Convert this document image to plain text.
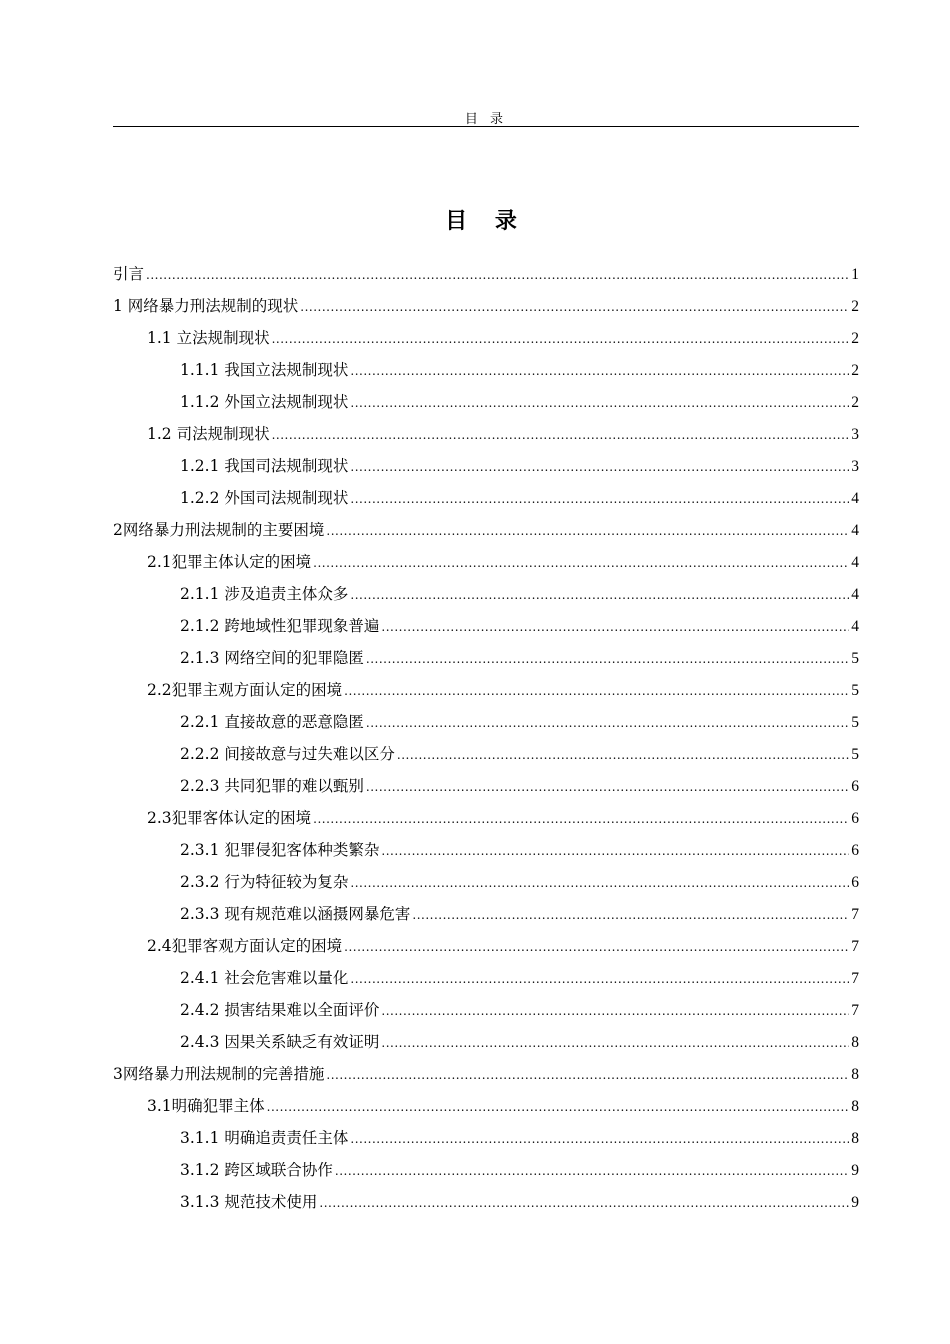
目 录
目 录
引言 .....	1
1 网络暴力刑法规制的现状 .....	2
1.1 立法规制现状 .....	2
1.1.1 我国立法规制现状 .....	2
1.1.2 外国立法规制现状 .....	2
1.2 司法规制现状 .....	3
1.2.1 我国司法规制现状 .....	3
1.2.2 外国司法规制现状 .....	4
2网络暴力刑法规制的主要困境 .....	4
2.1犯罪主体认定的困境 .....	4
2.1.1 涉及追责主体众多 .....	4
2.1.2 跨地域性犯罪现象普遍 .....	4
2.1.3 网络空间的犯罪隐匿 .....	5
2.2犯罪主观方面认定的困境 .....	5
2.2.1 直接故意的恶意隐匿 .....	5
2.2.2 间接故意与过失难以区分 .....	5
2.2.3 共同犯罪的难以甄别 .....	6
2.3犯罪客体认定的困境 .....	6
2.3.1 犯罪侵犯客体种类繁杂 .....	6
2.3.2 行为特征较为复杂 .....	6
2.3.3 现有规范难以涵摄网暴危害 .....	7
2.4犯罪客观方面认定的困境 .....	7
2.4.1 社会危害难以量化 .....	7
2.4.2 损害结果难以全面评价 .....	7
2.4.3 因果关系缺乏有效证明 .....	8
3网络暴力刑法规制的完善措施 .....	8
3.1明确犯罪主体 .....	8
3.1.1 明确追责责任主体 .....	8
3.1.2 跨区域联合协作 .....	9
3.1.3 规范技术使用 .....	9
